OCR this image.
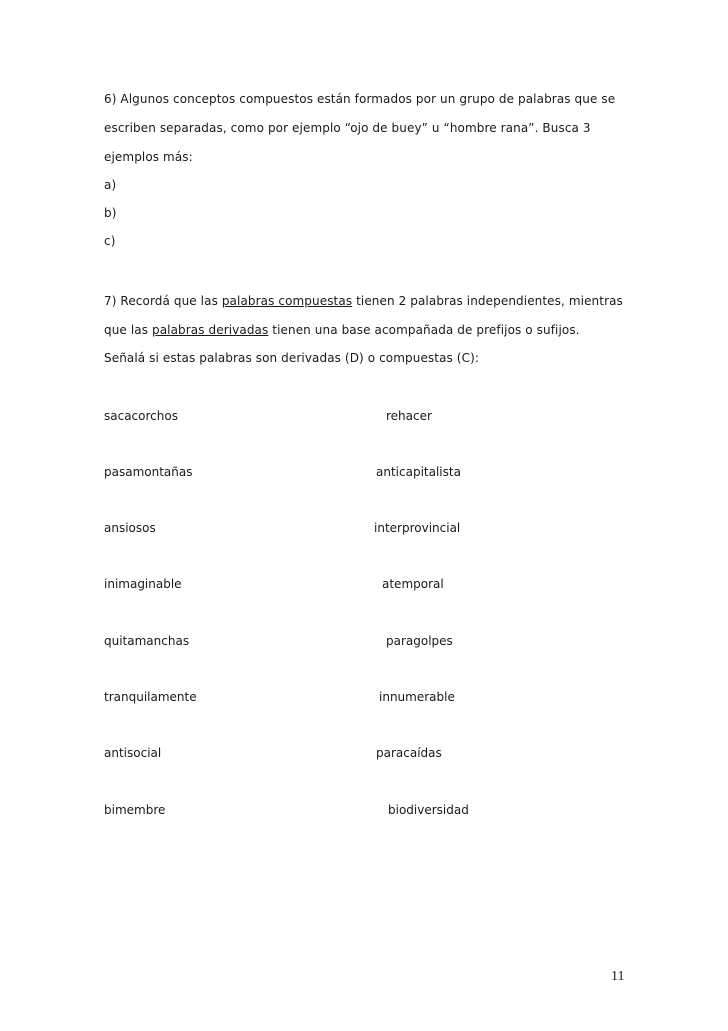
6) Algunos conceptos compuestos están formados por un grupo de palabras que se
escriben separadas, como por ejemplo “ojo de buey” u “hombre rana”. Busca 3
ejemplos más:
a)
b)
c)
7) Recordá que las palabras compuestas tienen 2 palabras independientes, mientras
que las palabras derivadas tienen una base acompañada de prefijos o sufijos.
Señalá si estas palabras son derivadas (D) o compuestas (C):
sacacorchos
pasamontañas
ansiosos
inimaginable
quitamanchas
tranquilamente
antisocial
bimembre
rehacer
anticapitalista
interprovincial
atemporal
paragolpes
innumerable
paracaídas
biodiversidad
11
